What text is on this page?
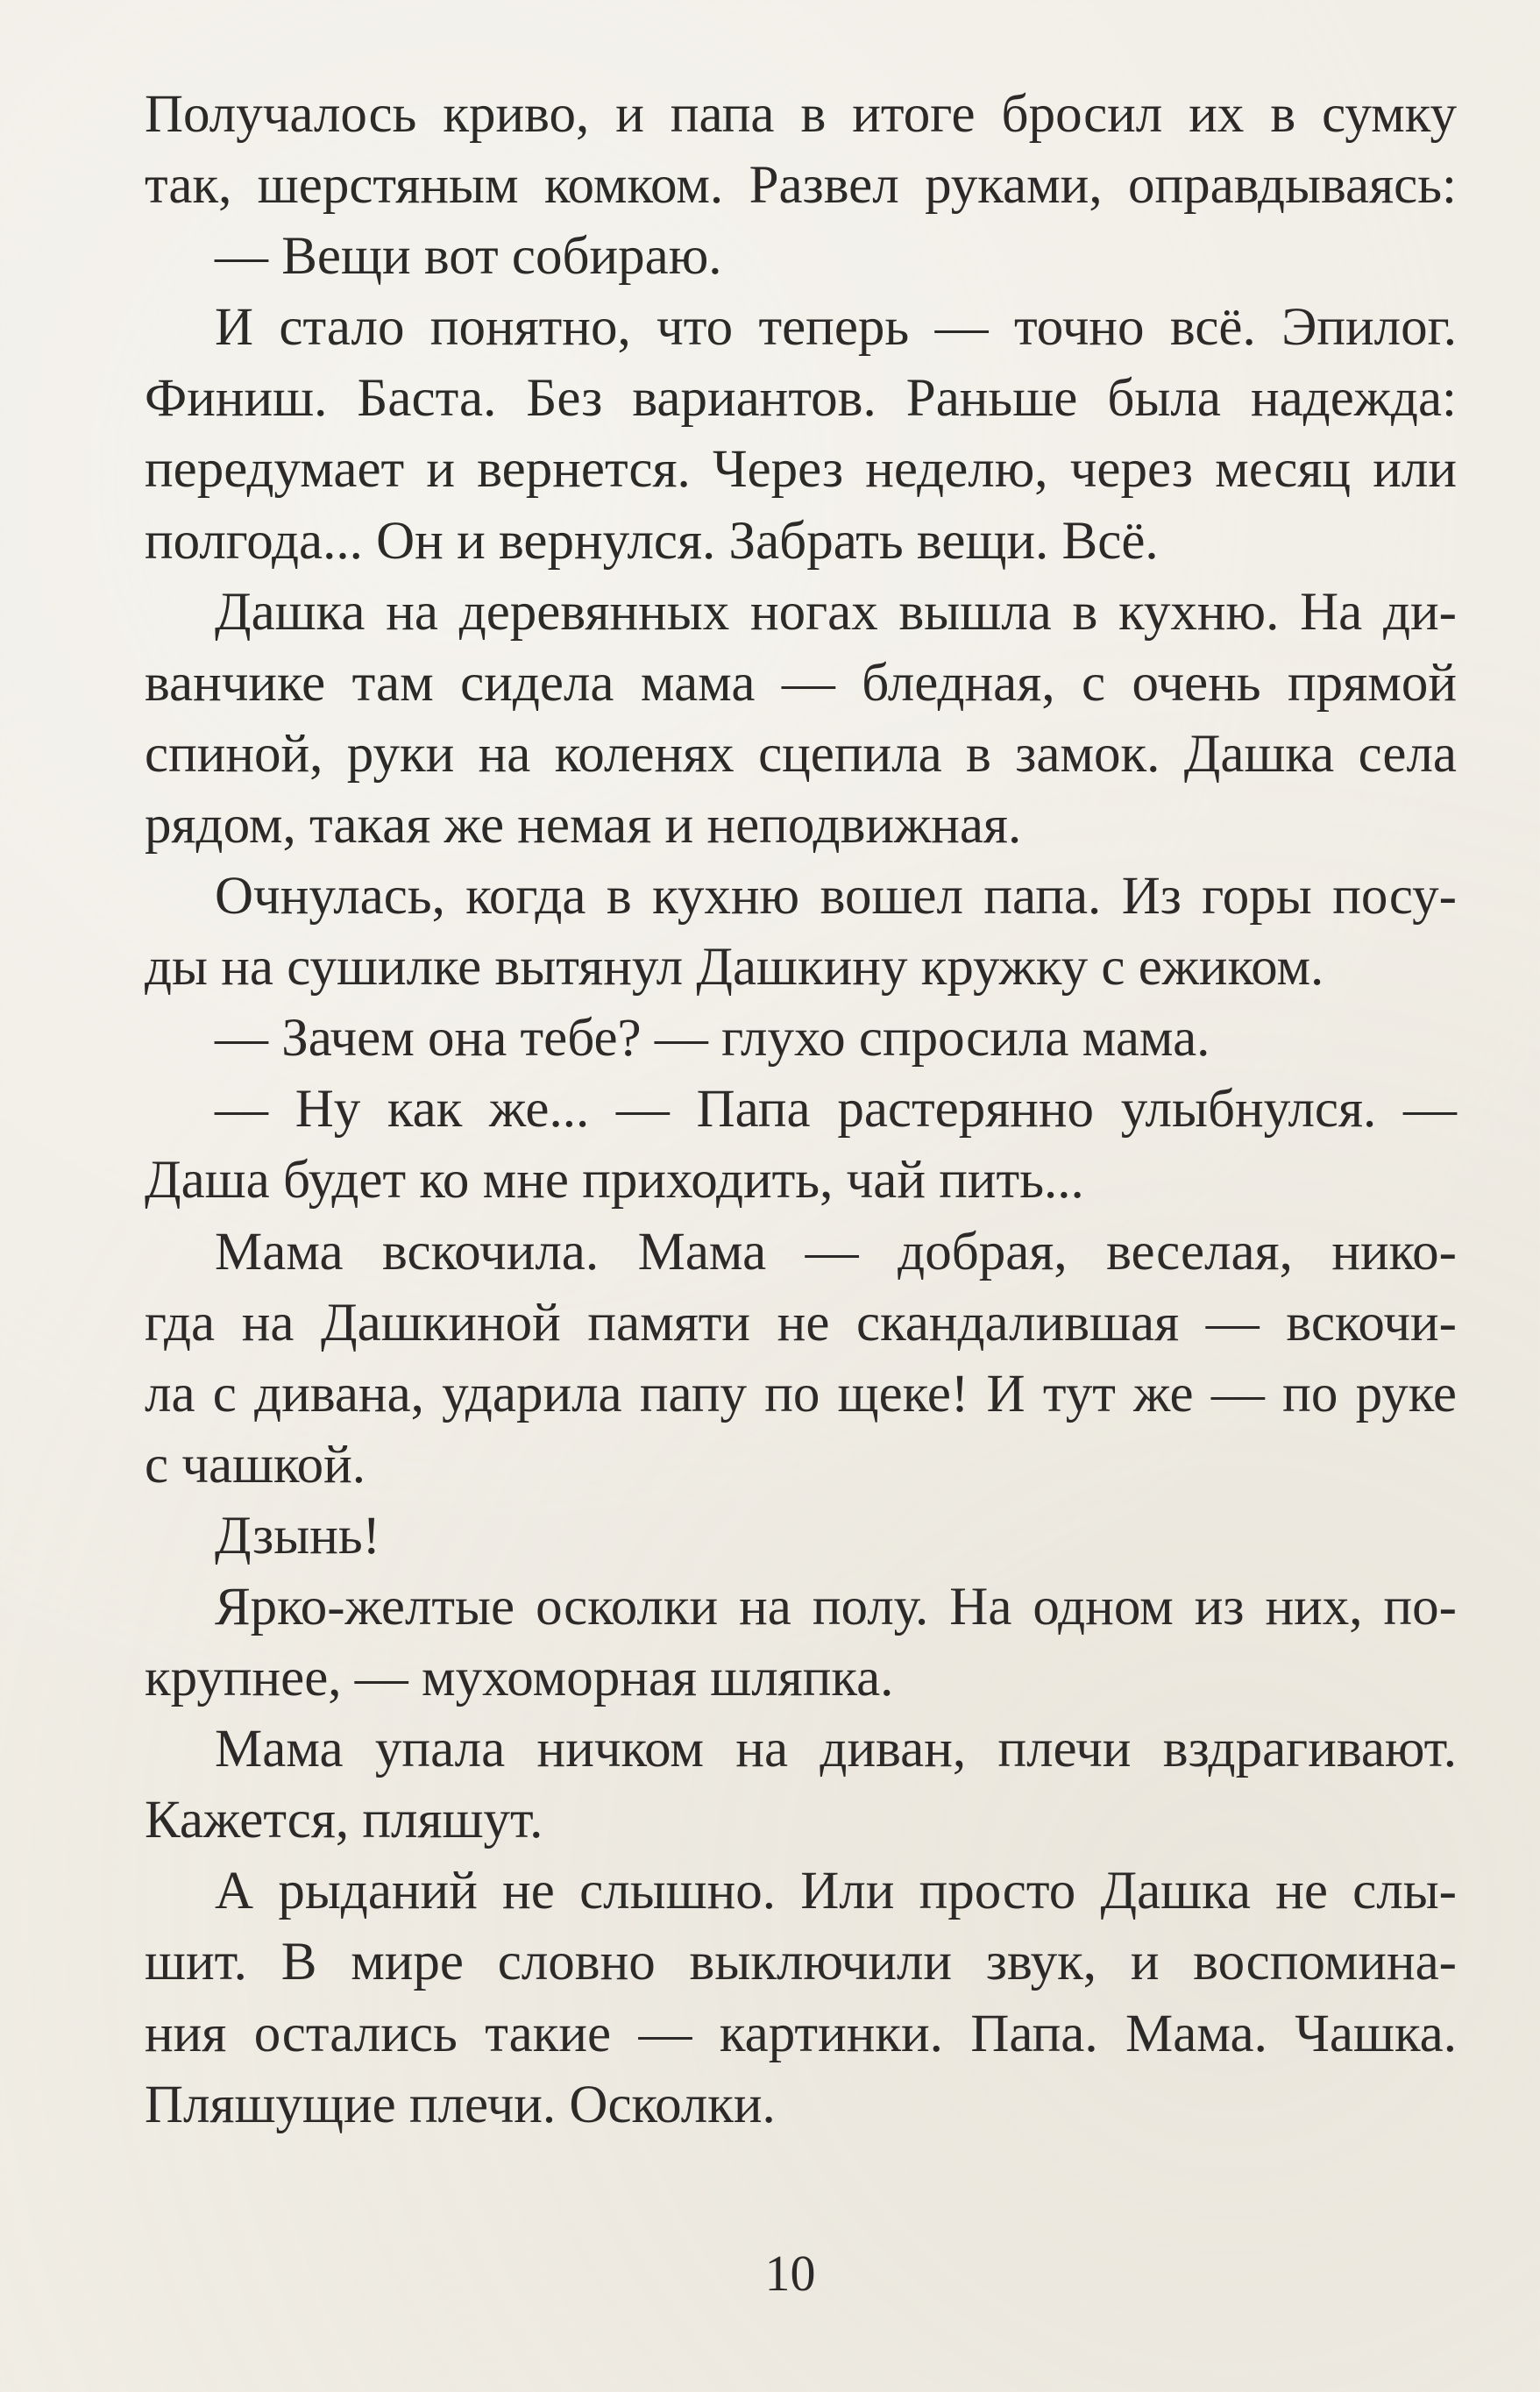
Получалось криво, и папа в итоге бросил их в сумку
так, шерстяным комком. Развел руками, оправдываясь:
— Вещи вот собираю.
И стало понятно, что теперь — точно всё. Эпилог.
Финиш. Баста. Без вариантов. Раньше была надежда:
передумает и вернется. Через неделю, через месяц или
полгода... Он и вернулся. Забрать вещи. Всё.
Дашка на деревянных ногах вышла в кухню. На ди-
ванчике там сидела мама — бледная, с очень прямой
спиной, руки на коленях сцепила в замок. Дашка села
рядом, такая же немая и неподвижная.
Очнулась, когда в кухню вошел папа. Из горы посу-
ды на сушилке вытянул Дашкину кружку с ежиком.
— Зачем она тебе? — глухо спросила мама.
— Ну как же... — Папа растерянно улыбнулся. —
Даша будет ко мне приходить, чай пить...
Мама вскочила. Мама — добрая, веселая, нико-
гда на Дашкиной памяти не скандалившая — вскочи-
ла с дивана, ударила папу по щеке! И тут же — по руке
с чашкой.
Дзынь!
Ярко-желтые осколки на полу. На одном из них, по-
крупнее, — мухоморная шляпка.
Мама упала ничком на диван, плечи вздрагивают.
Кажется, пляшут.
А рыданий не слышно. Или просто Дашка не слы-
шит. В мире словно выключили звук, и воспомина-
ния остались такие — картинки. Папа. Мама. Чашка.
Пляшущие плечи. Осколки.
10
